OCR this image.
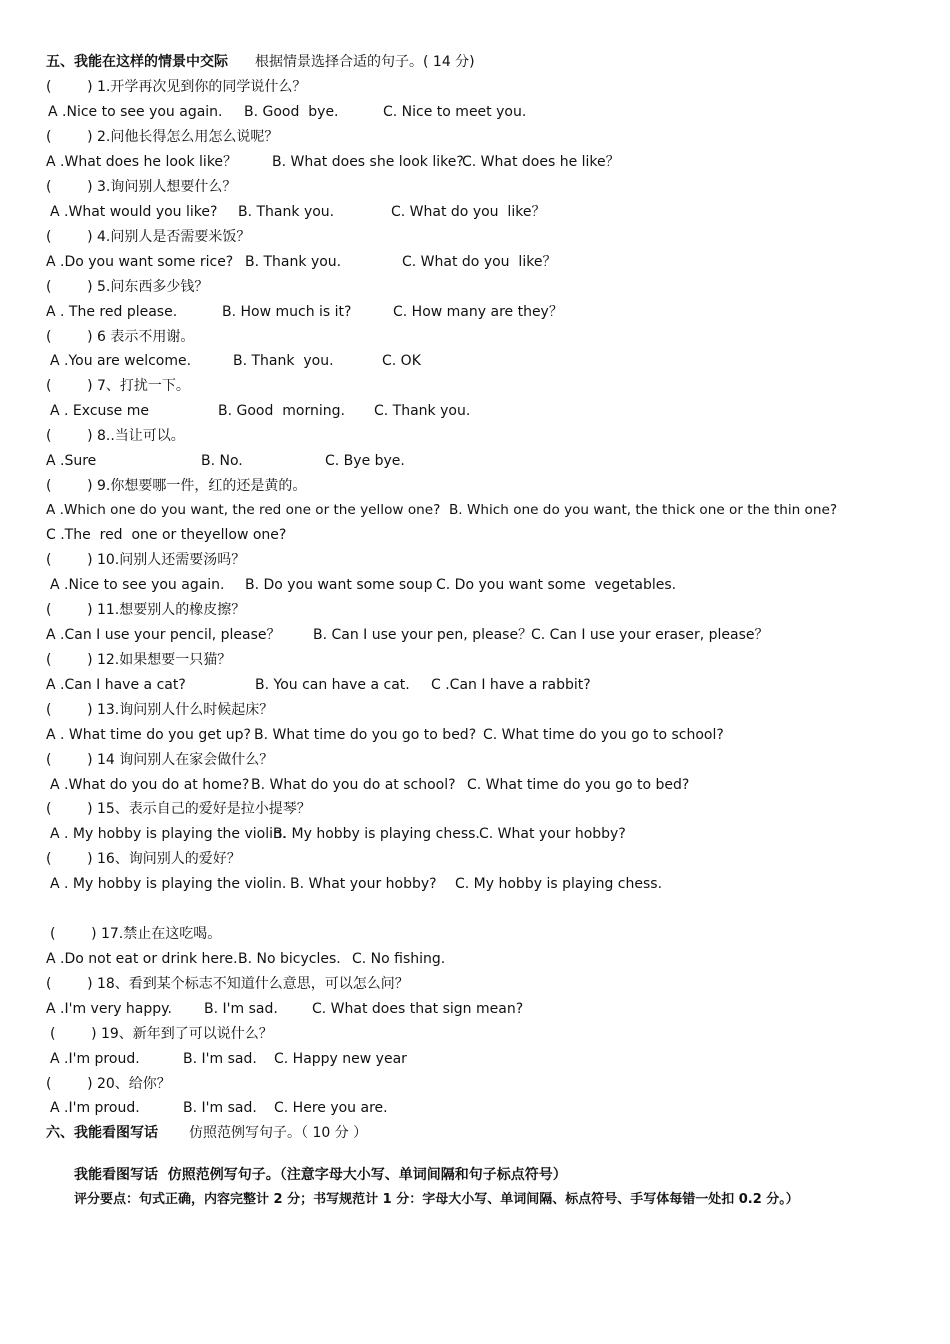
五、我能在这样的情景中交际 根据情景选择合适的句子。( 14 分)
(        ) 1.开学再次见到你的同学说什么？
A .Nice to see you again. B. Good  bye.	C. Nice to meet you.
(        ) 2.问他长得怎么用怎么说呢？
A .What does he look like？ B. What does she look like?
C. What does he like？
(        ) 3.询问别人想要什么？
A .What would you like? B. Thank you.	C. What do you  like？
(        ) 4.问别人是否需要米饭？
A .Do you want some rice? B. Thank you.	C. What do you  like？
(        ) 5.问东西多少钱？
A . The red please.	B. How much is it?	C. How many are they？
(        ) 6 表示不用谢。
A .You are welcome.	B. Thank  you.	C. OK
(        ) 7、打扰一下。
A . Excuse me	B. Good  morning. C. Thank you.
(        ) 8..当让可以。
A .Sure	B. No.	C. Bye bye.
(        ) 9.你想要哪一件，红的还是黄的。
A .Which one do you want, the red one or the yellow one?  B. Which one do you want, the thick one or the thin one?
C .The  red  one or theyellow one?
(        ) 10.问别人还需要汤吗？
A .Nice to see you again. B. Do you want some soup C. Do you want some  vegetables.
(        ) 11.想要别人的橡皮擦？
A .Can I use your pencil, please？ B. Can I use your pen, please？
C. Can I use your eraser, please？
(        ) 12.如果想要一只猫？
A .Can I have a cat?	B. You can have a cat. C .Can I have a rabbit?
(        ) 13.询问别人什么时候起床？
A . What time do you get up? B. What time do you go to bed? C. What time do you go to school?
(        ) 14 询问别人在家会做什么？
A .What do you do at home? B. What do you do at school? C. What time do you go to bed?
(        ) 15、表示自己的爱好是拉小提琴？
A . My hobby is playing the violin.
B. My hobby is playing chess. C. What your hobby?
(        ) 16、询问别人的爱好？
A . My hobby is playing the violin. B. What your hobby? C. My hobby is playing chess.
(        ) 17.禁止在这吃喝。
A .Do not eat or drink here. B. No bicycles. C. No fishing.
(        ) 18、看到某个标志不知道什么意思，可以怎么问？
A .I'm very happy. B. I'm sad. C. What does that sign mean?
(        ) 19、新年到了可以说什么？
A .I'm proud.	B. I'm sad. C. Happy new year
(        ) 20、给你？
A .I'm proud.	B. I'm sad. C. Here you are.
六、我能看图写话 仿照范例写句子。（ 10 分 ）
我能看图写话  仿照范例写句子。（注意字母大小写、单词间隔和句子标点符号）
评分要点：句式正确，内容完整计 2 分；书写规范计 1 分：字母大小写、单词间隔、标点符号、手写体每错一处扣 0.2 分。）
